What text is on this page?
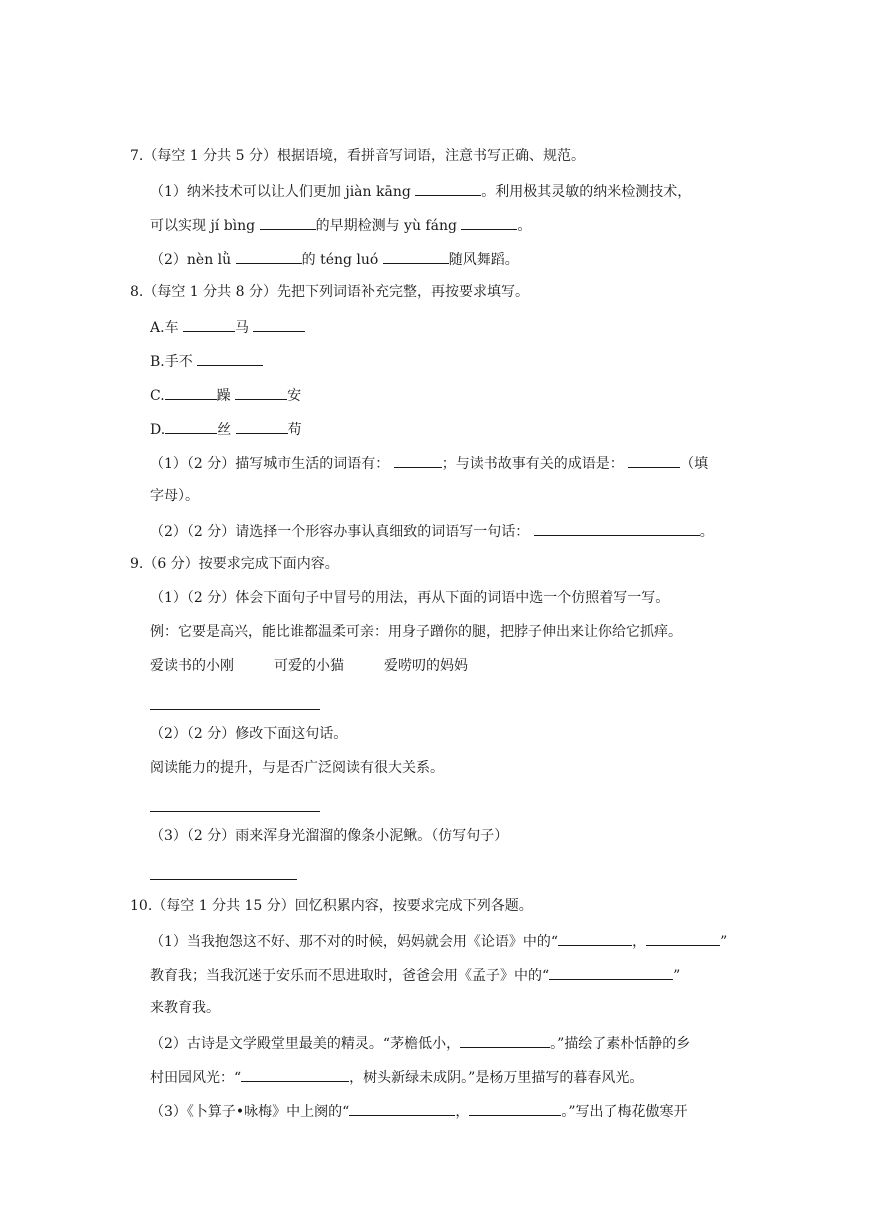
7.（每空 1 分共 5 分）根据语境，看拼音写词语，注意书写正确、规范。
（1）纳米技术可以让人们更加 jiàn kāng	。利用极其灵敏的纳米检测技术，
可以实现 jí bìng	的早期检测与 yù fáng	。
（2）nèn lǜ	的 téng luó	随风舞蹈。
8.（每空 1 分共 8 分）先把下列词语补充完整，再按要求填写。
A.车	马
B.手不
C.	躁	安
D.	丝	苟
（1）（2 分）描写城市生活的词语有：	；与读书故事有关的成语是：	（填
字母）。
（2）（2 分）请选择一个形容办事认真细致的词语写一句话：	。
9.（6 分）按要求完成下面内容。
（1）（2 分）体会下面句子中冒号的用法，再从下面的词语中选一个仿照着写一写。
例：它要是高兴，能比谁都温柔可亲：用身子蹭你的腿，把脖子伸出来让你给它抓痒。
爱读书的小刚	可爱的小猫	爱唠叨的妈妈
（2）（2 分）修改下面这句话。
阅读能力的提升，与是否广泛阅读有很大关系。
（3）（2 分）雨来浑身光溜溜的像条小泥鳅。（仿写句子）
10.（每空 1 分共 15 分）回忆积累内容，按要求完成下列各题。
（1）当我抱怨这不好、那不对的时候，妈妈就会用《论语》中的“	，	”
教育我；当我沉迷于安乐而不思进取时，爸爸会用《孟子》中的“	”
来教育我。
（2）古诗是文学殿堂里最美的精灵。“茅檐低小，	。”描绘了素朴恬静的乡
村田园风光：“	，树头新绿未成阴。”是杨万里描写的暮春风光。
（3）《卜算子•咏梅》中上阕的“	，	。”写出了梅花傲寒开
